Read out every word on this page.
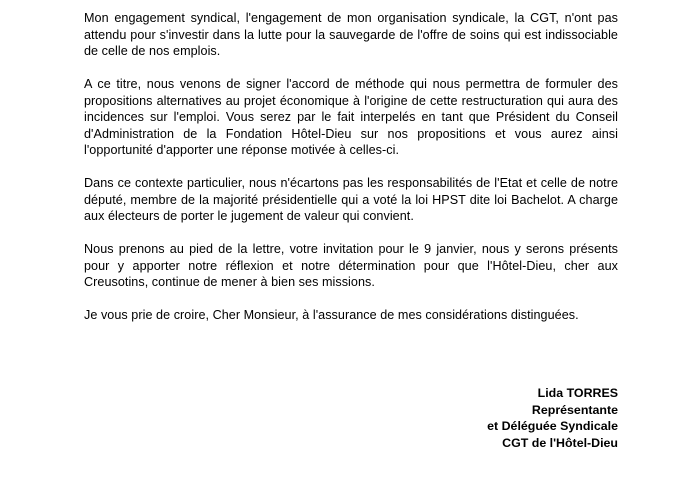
Mon engagement syndical, l'engagement de mon organisation syndicale, la CGT, n'ont pas attendu pour s'investir dans la lutte pour la sauvegarde de l'offre de soins qui est indissociable de celle de nos emplois.

A ce titre, nous venons de signer l'accord de méthode qui nous permettra de formuler des propositions alternatives au projet économique à l'origine de cette restructuration qui aura des incidences sur l'emploi. Vous serez par le fait interpelés en tant que Président du Conseil d'Administration de la Fondation Hôtel-Dieu sur nos propositions et vous aurez ainsi l'opportunité d'apporter une réponse motivée à celles-ci.

Dans ce contexte particulier, nous n'écartons pas les responsabilités de l'Etat et celle de notre député, membre de la majorité présidentielle qui a voté la loi HPST dite loi Bachelot. A charge aux électeurs de porter le jugement de valeur qui convient.

Nous prenons au pied de la lettre, votre invitation pour le 9 janvier, nous y serons présents pour y apporter notre réflexion et notre détermination pour que l'Hôtel-Dieu, cher aux Creusotins, continue de mener à bien ses missions.

Je vous prie de croire, Cher Monsieur, à l'assurance de mes considérations distinguées.

Lida TORRES
Représentante
et Déléguée Syndicale
CGT de l'Hôtel-Dieu
